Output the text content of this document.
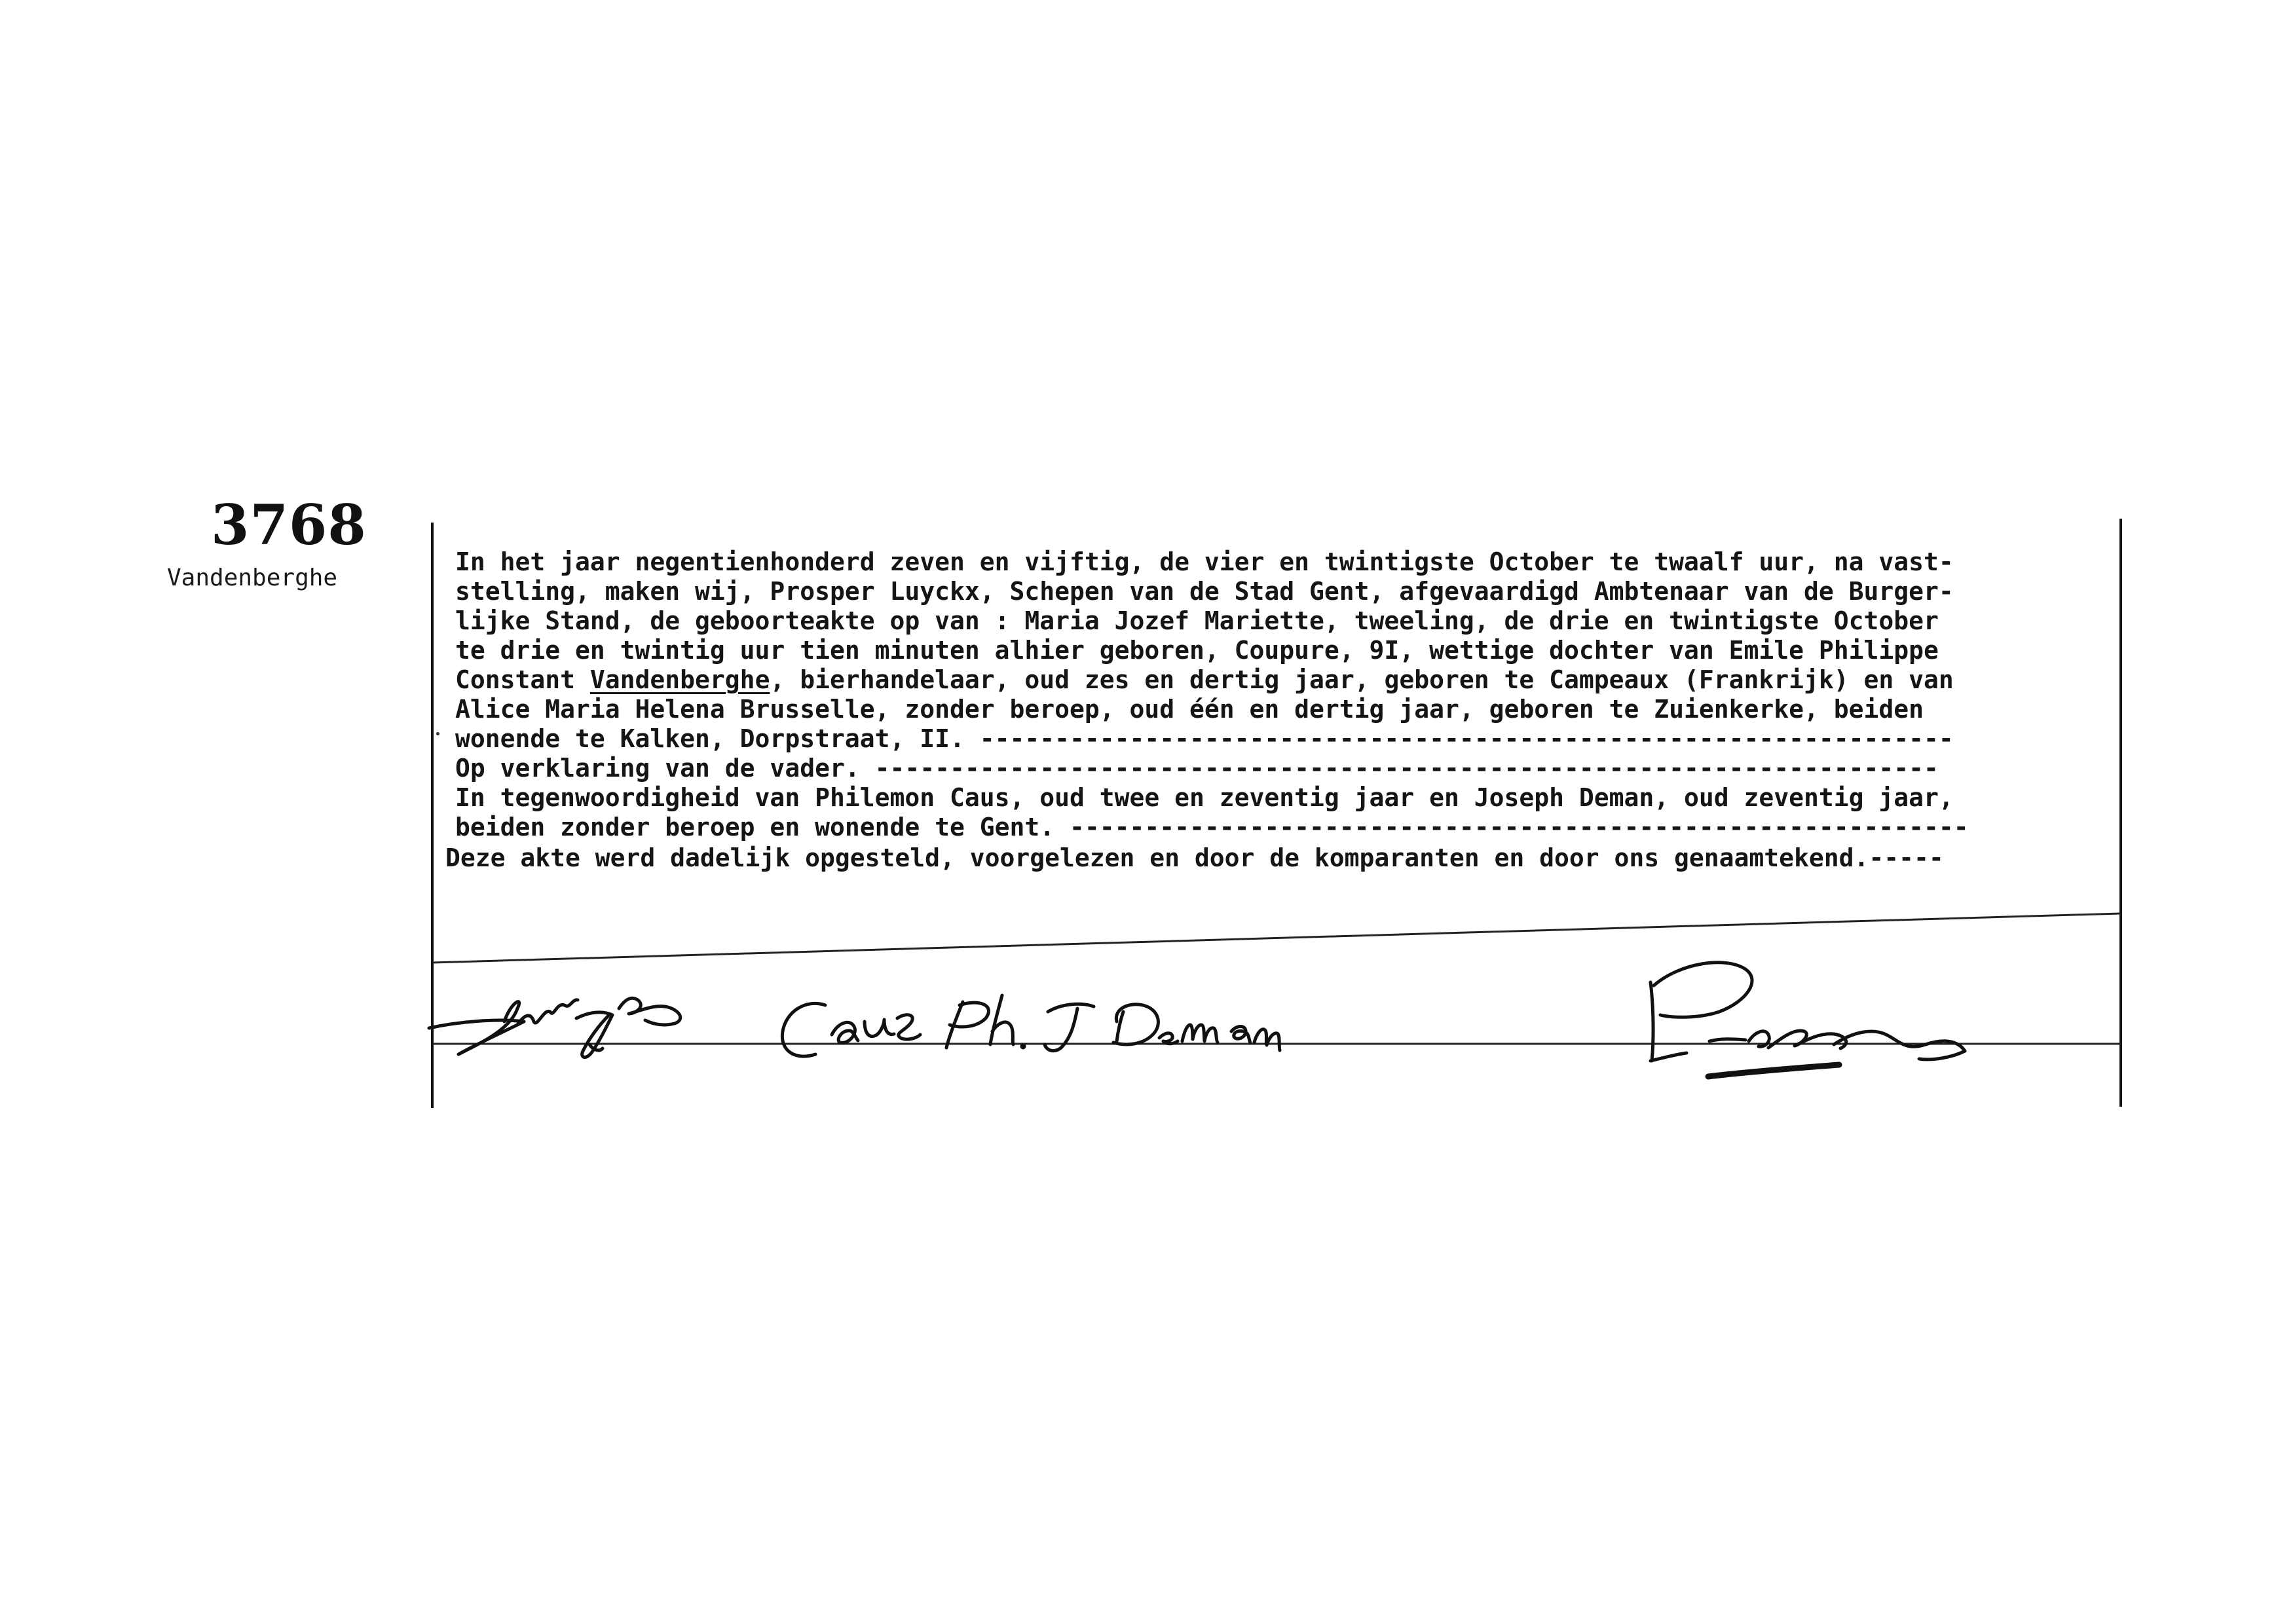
3768
Vandenberghe
In het jaar negentienhonderd zeven en vijftig, de vier en twintigste October te twaalf uur, na vast-
stelling, maken wij, Prosper Luyckx, Schepen van de Stad Gent, afgevaardigd Ambtenaar van de Burger-
lijke Stand, de geboorteakte op van : Maria Jozef Mariette, tweeling, de drie en twintigste October
te drie en twintig uur tien minuten alhier geboren, Coupure, 9I, wettige dochter van Emile Philippe
Constant Vandenberghe, bierhandelaar, oud zes en dertig jaar, geboren te Campeaux (Frankrijk) en van
Alice Maria Helena Brusselle, zonder beroep, oud één en dertig jaar, geboren te Zuienkerke, beiden
wonende te Kalken, Dorpstraat, II. -----------------------------------------------------------------
Op verklaring van de vader. -----------------------------------------------------------------------
In tegenwoordigheid van Philemon Caus, oud twee en zeventig jaar en Joseph Deman, oud zeventig jaar,
beiden zonder beroep en wonende te Gent. ------------------------------------------------------------
Deze akte werd dadelijk opgesteld, voorgelezen en door de komparanten en door ons genaamtekend.-----
